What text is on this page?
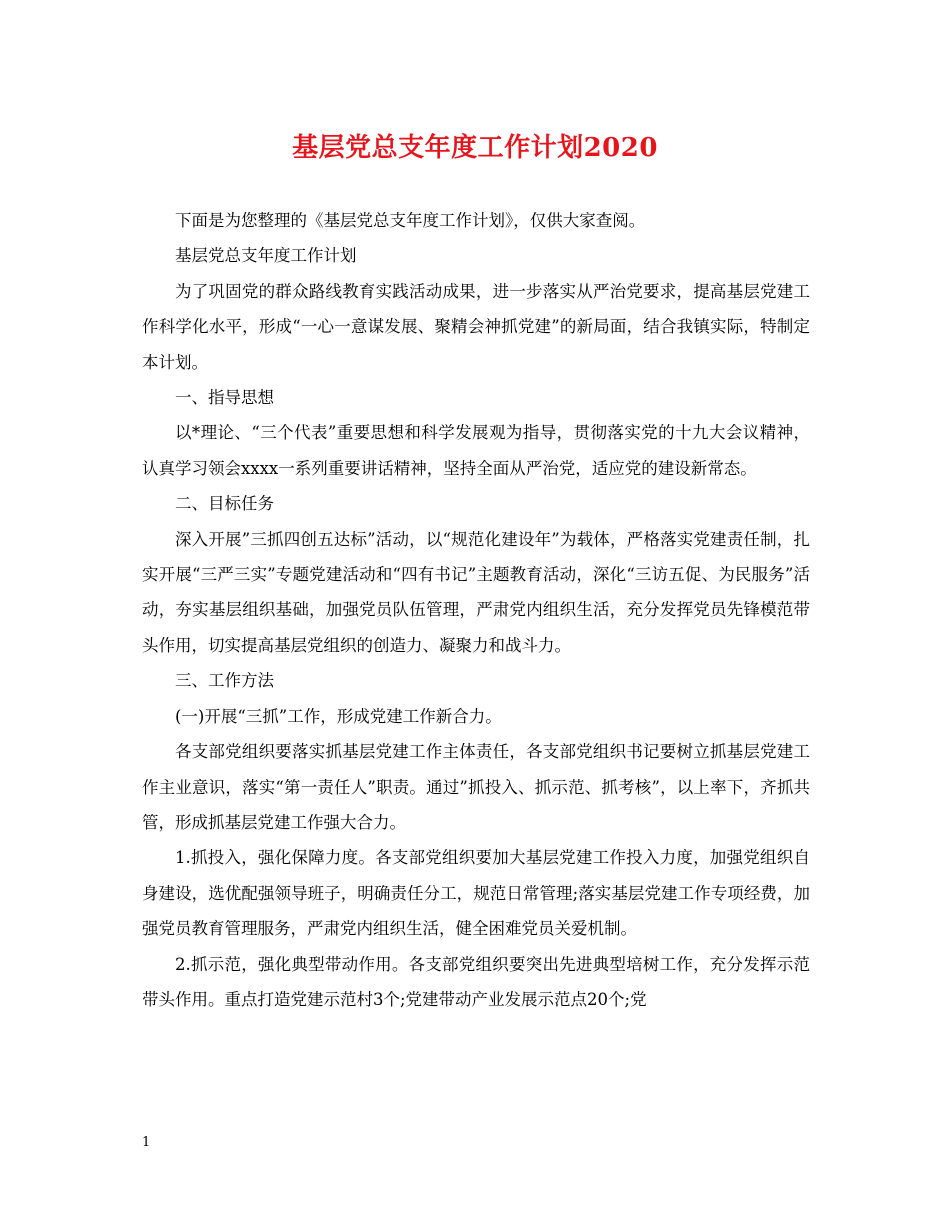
基层党总支年度工作计划2020

下面是为您整理的《基层党总支年度工作计划》，仅供大家查阅。

基层党总支年度工作计划

为了巩固党的群众路线教育实践活动成果，进一步落实从严治党要求，提高基层党建工作科学化水平，形成“一心一意谋发展、聚精会神抓党建”的新局面，结合我镇实际，特制定本计划。

一、指导思想

以*理论、“三个代表”重要思想和科学发展观为指导，贯彻落实党的十九大会议精神，认真学习领会xxxx一系列重要讲话精神，坚持全面从严治党，适应党的建设新常态。

二、目标任务

深入开展”三抓四创五达标”活动，以“规范化建设年”为载体，严格落实党建责任制，扎实开展“三严三实”专题党建活动和“四有书记”主题教育活动，深化“三访五促、为民服务”活动，夯实基层组织基础，加强党员队伍管理，严肃党内组织生活，充分发挥党员先锋模范带头作用，切实提高基层党组织的创造力、凝聚力和战斗力。

三、工作方法

(一)开展“三抓”工作，形成党建工作新合力。

各支部党组织要落实抓基层党建工作主体责任，各支部党组织书记要树立抓基层党建工作主业意识，落实“第一责任人”职责。通过”抓投入、抓示范、抓考核”，以上率下，齐抓共管，形成抓基层党建工作强大合力。

1.抓投入，强化保障力度。各支部党组织要加大基层党建工作投入力度，加强党组织自身建设，选优配强领导班子，明确责任分工，规范日常管理;落实基层党建工作专项经费，加强党员教育管理服务，严肃党内组织生活，健全困难党员关爱机制。

2.抓示范，强化典型带动作用。各支部党组织要突出先进典型培树工作，充分发挥示范带头作用。重点打造党建示范村3个;党建带动产业发展示范点20个;党

1
